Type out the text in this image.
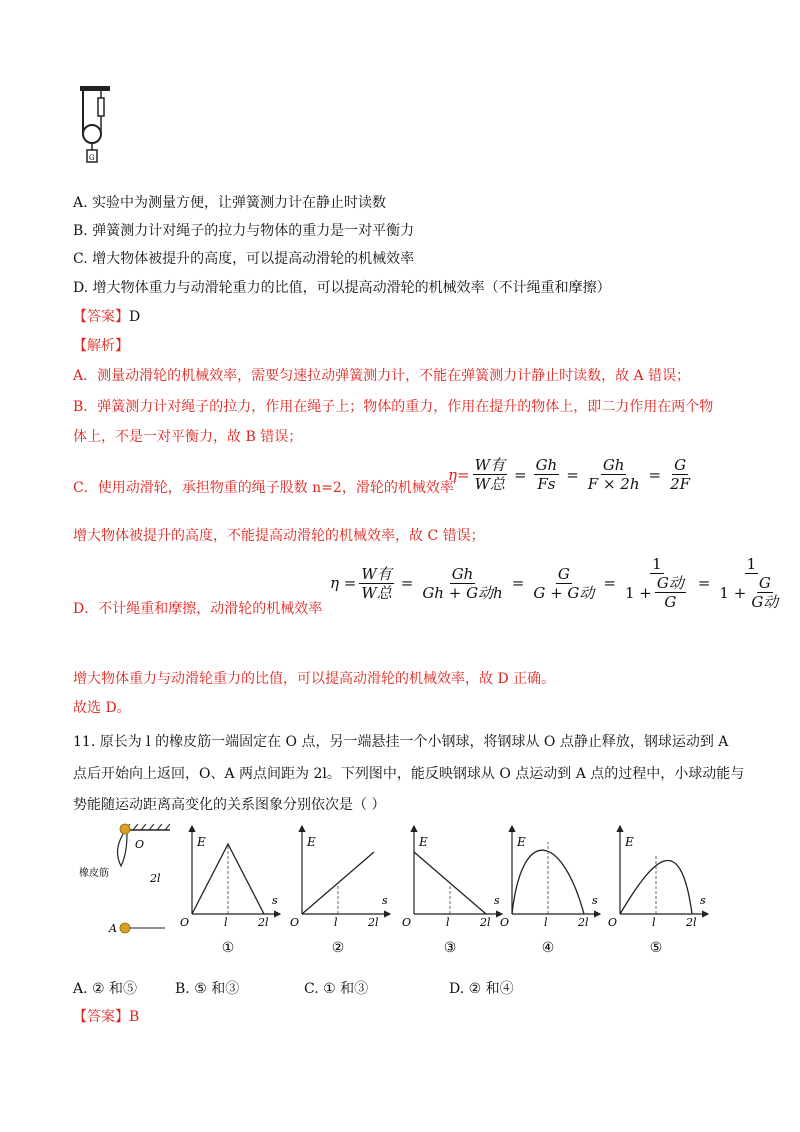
G
A. 实验中为测量方便，让弹簧测力计在静止时读数
B. 弹簧测力计对绳子的拉力与物体的重力是一对平衡力
C. 增大物体被提升的高度，可以提高动滑轮的机械效率
D. 增大物体重力与动滑轮重力的比值，可以提高动滑轮的机械效率（不计绳重和摩擦）
【答案】D
【解析】
A．测量动滑轮的机械效率，需要匀速拉动弹簧测力计，不能在弹簧测力计静止时读数，故 A 错误；
B．弹簧测力计对绳子的拉力，作用在绳子上；物体的重力，作用在提升的物体上，即二力作用在两个物
体上，不是一对平衡力，故 B 错误；
C．使用动滑轮，承担物重的绳子股数 n=2，滑轮的机械效率
$\eta= \frac{\text{W有}}{\text{W总}} = \frac{Gh}{Fs} = \frac{Gh}{F \times 2h} = \frac{G}{2F}$
增大物体被提升的高度，不能提高动滑轮的机械效率，故 C 错误；
D．不计绳重和摩擦，动滑轮的机械效率
$\eta = \frac{\text{W有}}{\text{W总}} = \frac{Gh}{\text{Gh + G动h}} = \frac{G}{\text{G + G动}} = \frac{1}{1 + \frac{\text{G动}}{G}} = \frac{1}{1 + \frac{G}{\text{G动}}}$
增大物体重力与动滑轮重力的比值，可以提高动滑轮的机械效率，故 D 正确。
故选 D。
11. 原长为 l 的橡皮筋一端固定在 O 点，另一端悬挂一个小钢球，将钢球从 O 点静止释放，钢球运动到 A
点后开始向上返回，O、A 两点间距为 2l。下列图中，能反映钢球从 O 点运动到 A 点的过程中，小球动能与
势能随运动距离高变化的关系图象分别依次是（ ）
O
橡皮筋	2l
A
E
s
O	l	2l
①
E
s
O	l	2l
②
E
s
O	l	2l
③
E
s
O	l	2l
④
E
s
O	l	2l
⑤
A. ② 和⑤	B. ⑤ 和③	C. ① 和③	D. ② 和④
【答案】B
